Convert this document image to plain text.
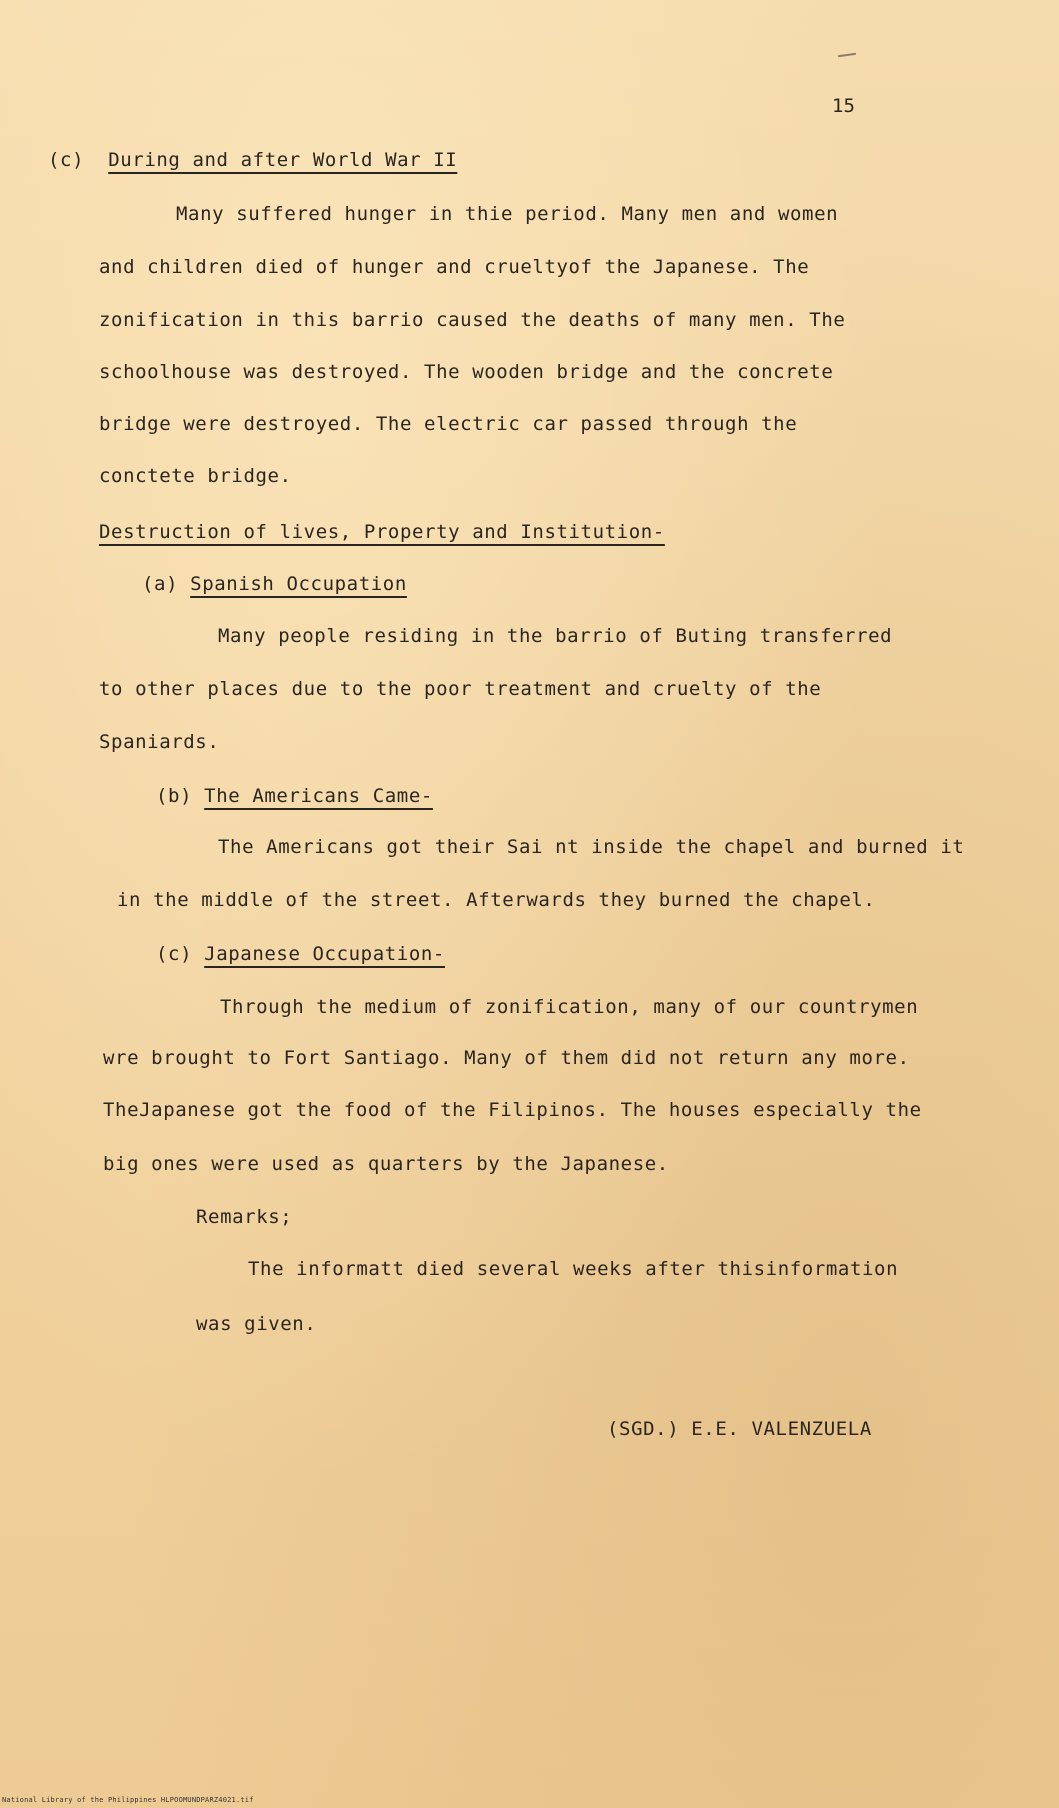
15
(c) During and after World War II
Many suffered hunger in thie period. Many men and women
and children died of hunger and crueltyof the Japanese. The
zonification in this barrio caused the deaths of many men. The
schoolhouse was destroyed. The wooden bridge and the concrete
bridge were destroyed. The electric car passed through the
conctete bridge.
Destruction of lives, Property and Institution-
(a) Spanish Occupation
Many people residing in the barrio of Buting transferred
to other places due to the poor treatment and cruelty of the
Spaniards.
(b) The Americans Came-
The Americans got their Sai nt inside the chapel and burned it
in the middle of the street. Afterwards they burned the chapel.
(c) Japanese Occupation-
Through the medium of zonification, many of our countrymen
wre brought to Fort Santiago. Many of them did not return any more.
TheJapanese got the food of the Filipinos. The houses especially the
big ones were used as quarters by the Japanese.
Remarks;
The informatt died several weeks after thisinformation
was given.
(SGD.) E.E. VALENZUELA
National Library of the Philippines HLPOOMUNDPARZ4021.tif
